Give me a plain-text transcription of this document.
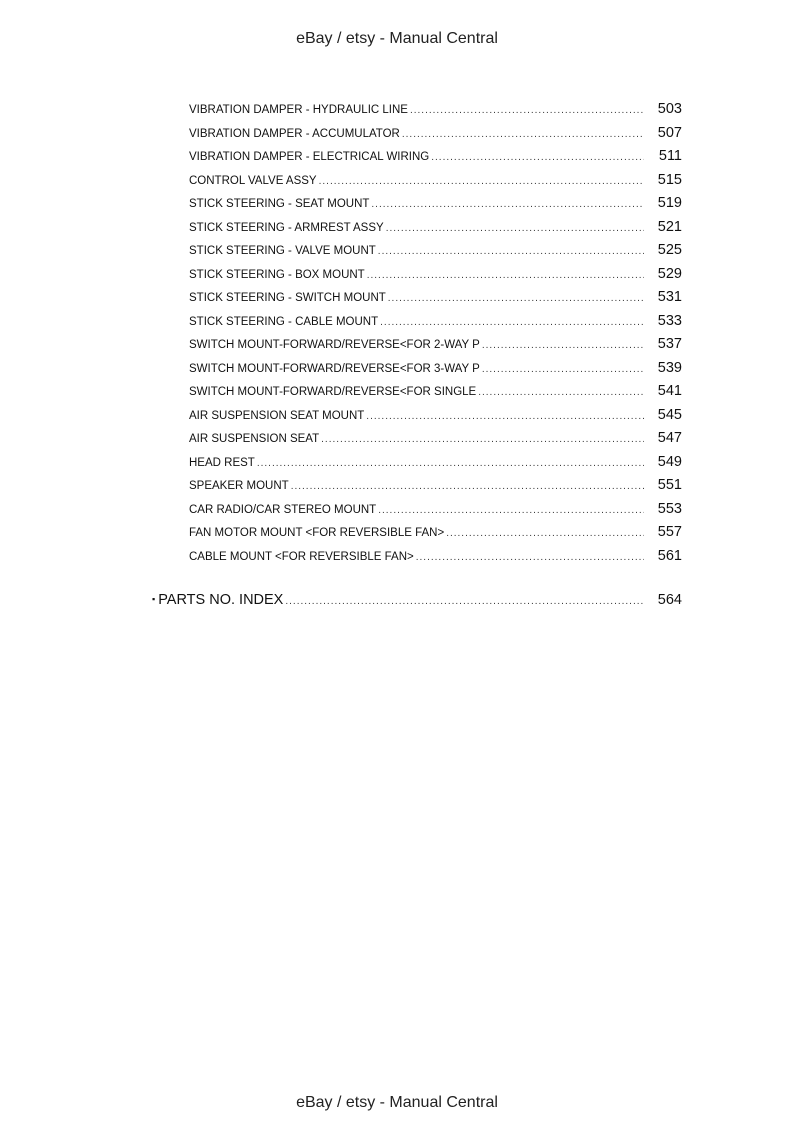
eBay / etsy - Manual Central
VIBRATION DAMPER - HYDRAULIC LINE .....	503
VIBRATION DAMPER - ACCUMULATOR .....	507
VIBRATION DAMPER - ELECTRICAL WIRING .....	511
CONTROL VALVE ASSY .....	515
STICK STEERING - SEAT MOUNT .....	519
STICK STEERING - ARMREST ASSY .....	521
STICK STEERING - VALVE MOUNT .....	525
STICK STEERING - BOX MOUNT .....	529
STICK STEERING - SWITCH MOUNT .....	531
STICK STEERING - CABLE MOUNT .....	533
SWITCH MOUNT-FORWARD/REVERSE<FOR 2-WAY P .....	537
SWITCH MOUNT-FORWARD/REVERSE<FOR 3-WAY P .....	539
SWITCH MOUNT-FORWARD/REVERSE<FOR SINGLE .....	541
AIR SUSPENSION SEAT MOUNT .....	545
AIR SUSPENSION SEAT .....	547
HEAD REST .....	549
SPEAKER MOUNT .....	551
CAR RADIO/CAR STEREO MOUNT .....	553
FAN MOTOR MOUNT <FOR REVERSIBLE FAN> .....	557
CABLE MOUNT <FOR REVERSIBLE FAN> .....	561
▪ PARTS NO. INDEX .....	564
eBay / etsy - Manual Central
